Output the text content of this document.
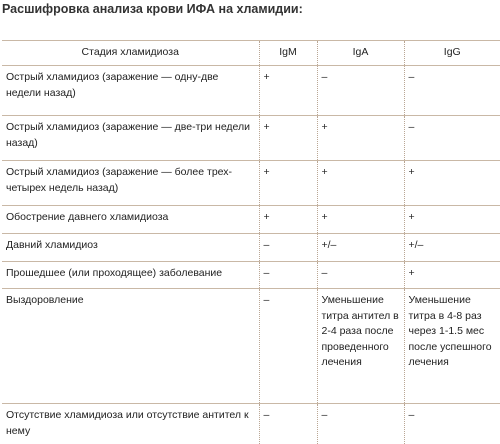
Расшифровка анализа крови ИФА на хламидии:
Стадия хламидиоза	IgM	IgA	IgG
Острый хламидиоз (заражение — одну-две недели назад)	+	–	–
Острый хламидиоз (заражение — две-три недели назад)	+	+	–
Острый хламидиоз (заражение — более трех-четырех недель назад)	+	+	+
Обострение давнего хламидиоза	+	+	+
Давний хламидиоз	–	+/–	+/–
Прошедшее (или проходящее) заболевание	–	–	+
Выздоровление	–	Уменьшение титра антител в 2-4 раза после проведенного лечения	Уменьшение титра в 4-8 раз через 1-1.5 мес после успешного лечения
Отсутствие хламидиоза или отсутствие антител к нему	–	–	–
